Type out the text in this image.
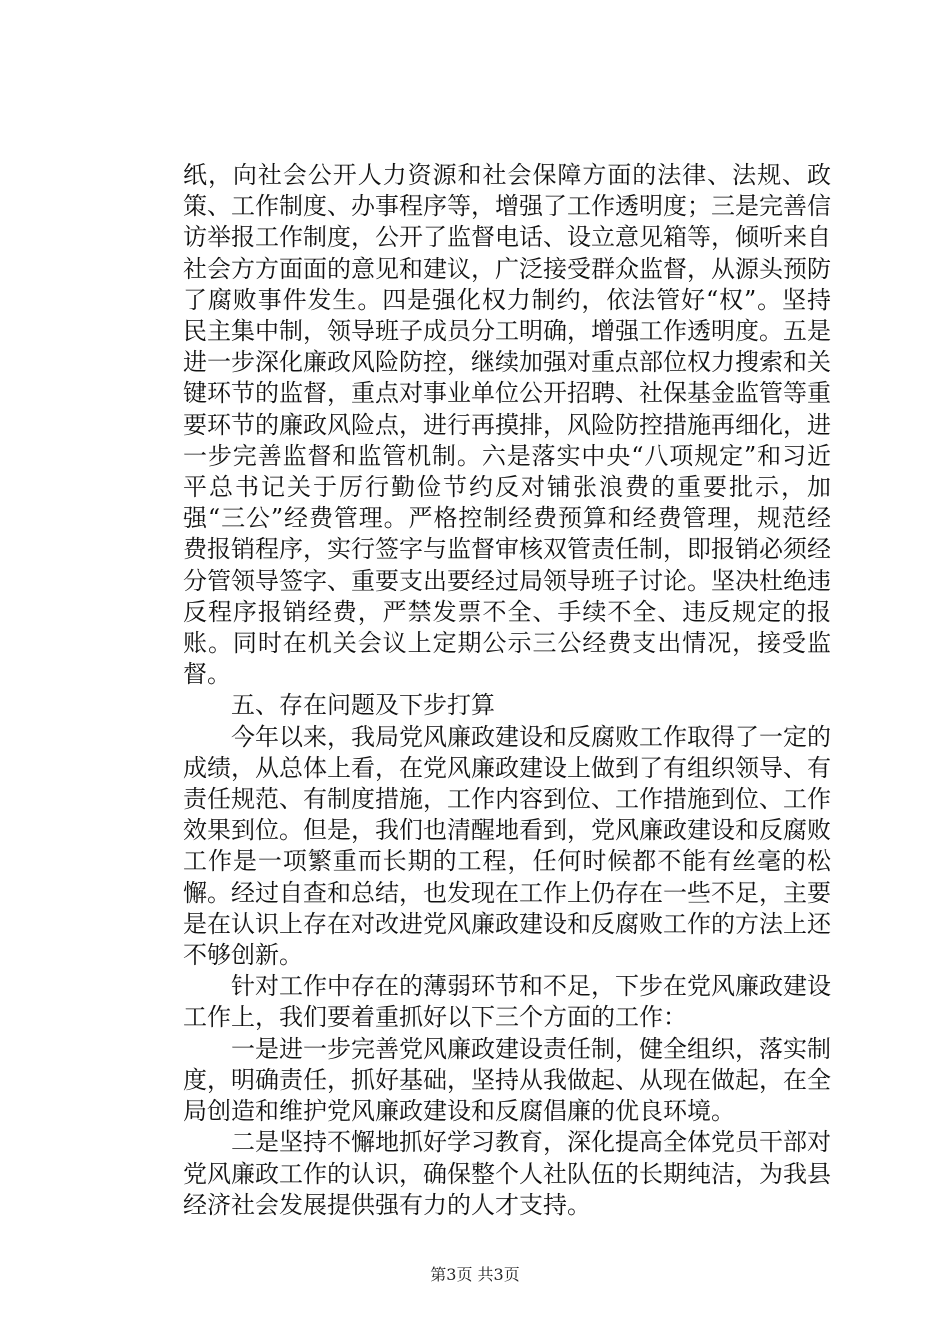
纸，向社会公开人力资源和社会保障方面的法律、法规、政策、工作制度、办事程序等，增强了工作透明度；三是完善信访举报工作制度，公开了监督电话、设立意见箱等，倾听来自社会方方面面的意见和建议，广泛接受群众监督，从源头预防了腐败事件发生。四是强化权力制约，依法管好“权”。坚持民主集中制，领导班子成员分工明确，增强工作透明度。五是进一步深化廉政风险防控，继续加强对重点部位权力搜索和关键环节的监督，重点对事业单位公开招聘、社保基金监管等重要环节的廉政风险点，进行再摸排，风险防控措施再细化，进一步完善监督和监管机制。六是落实中央“八项规定”和习近平总书记关于厉行勤俭节约反对铺张浪费的重要批示，加强“三公”经费管理。严格控制经费预算和经费管理，规范经费报销程序，实行签字与监督审核双管责任制，即报销必须经分管领导签字、重要支出要经过局领导班子讨论。坚决杜绝违反程序报销经费，严禁发票不全、手续不全、违反规定的报账。同时在机关会议上定期公示三公经费支出情况，接受监督。

五、存在问题及下步打算

今年以来，我局党风廉政建设和反腐败工作取得了一定的成绩，从总体上看，在党风廉政建设上做到了有组织领导、有责任规范、有制度措施，工作内容到位、工作措施到位、工作效果到位。但是，我们也清醒地看到，党风廉政建设和反腐败工作是一项繁重而长期的工程，任何时候都不能有丝毫的松懈。经过自查和总结，也发现在工作上仍存在一些不足，主要是在认识上存在对改进党风廉政建设和反腐败工作的方法上还不够创新。

针对工作中存在的薄弱环节和不足，下步在党风廉政建设工作上，我们要着重抓好以下三个方面的工作：

一是进一步完善党风廉政建设责任制，健全组织，落实制度，明确责任，抓好基础，坚持从我做起、从现在做起，在全局创造和维护党风廉政建设和反腐倡廉的优良环境。

二是坚持不懈地抓好学习教育，深化提高全体党员干部对党风廉政工作的认识，确保整个人社队伍的长期纯洁，为我县经济社会发展提供强有力的人才支持。

第3页 共3页
